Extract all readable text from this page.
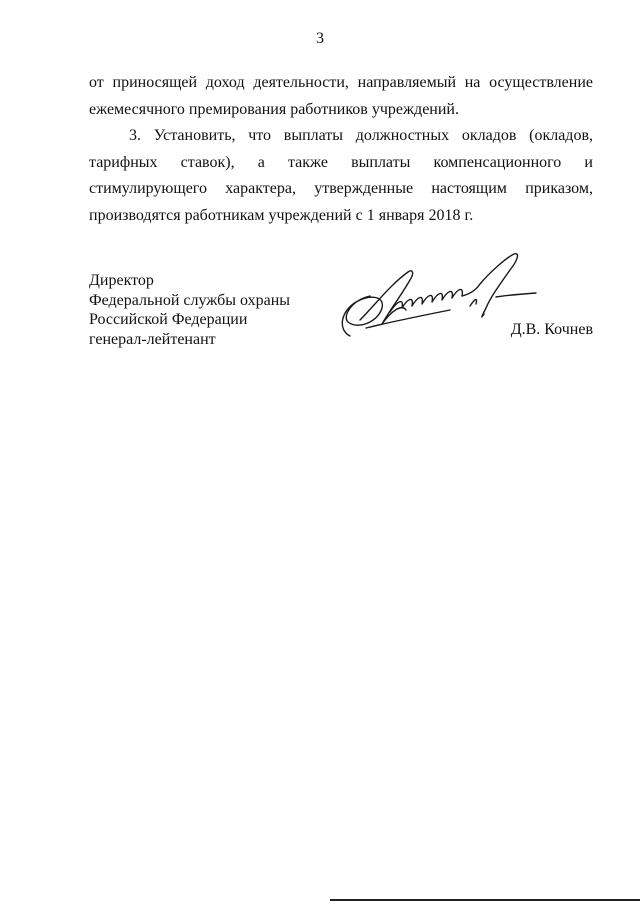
3

от приносящей доход деятельности, направляемый на осуществление ежемесячного премирования работников учреждений.

3. Установить, что выплаты должностных окладов (окладов, тарифных ставок), а также выплаты компенсационного и стимулирующего характера, утвержденные настоящим приказом, производятся работникам учреждений с 1 января 2018 г.

Директор
Федеральной службы охраны
Российской Федерации
генерал-лейтенант
Д.В. Кочнев
